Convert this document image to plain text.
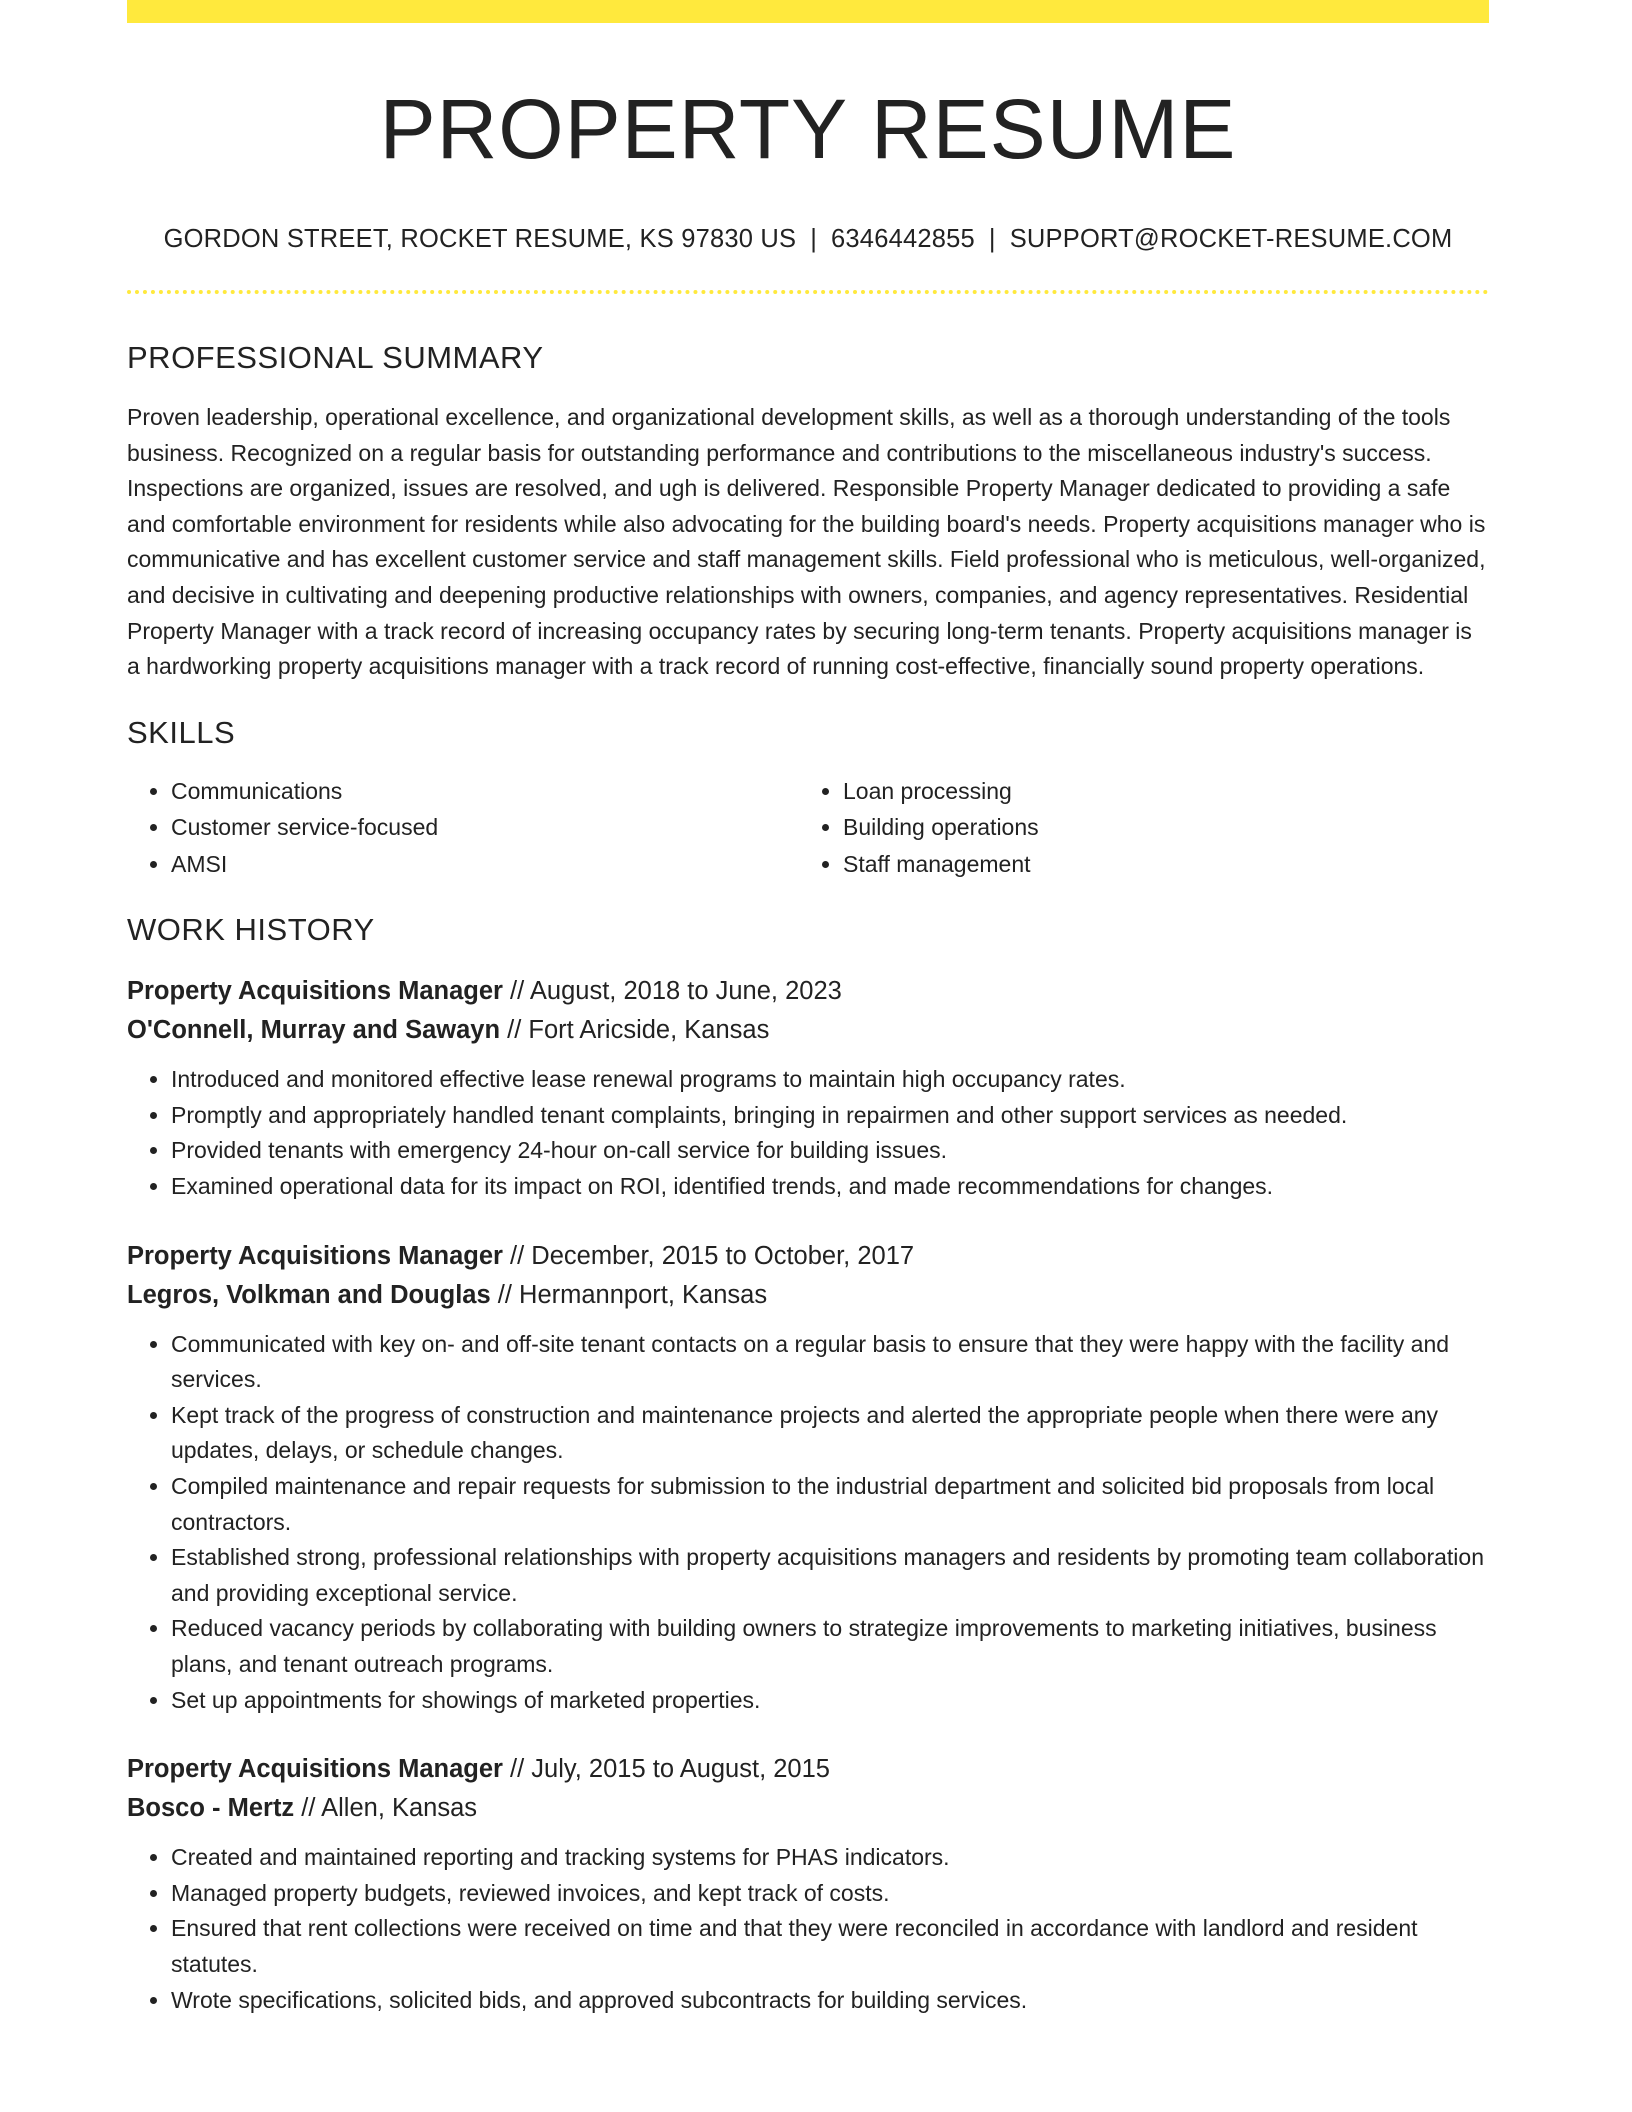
PROPERTY RESUME
GORDON STREET, ROCKET RESUME, KS 97830 US | 6346442855 | SUPPORT@ROCKET-RESUME.COM
PROFESSIONAL SUMMARY

Proven leadership, operational excellence, and organizational development skills, as well as a thorough understanding of the tools business. Recognized on a regular basis for outstanding performance and contributions to the miscellaneous industry's success. Inspections are organized, issues are resolved, and ugh is delivered. Responsible Property Manager dedicated to providing a safe and comfortable environment for residents while also advocating for the building board's needs. Property acquisitions manager who is communicative and has excellent customer service and staff management skills. Field professional who is meticulous, well-organized, and decisive in cultivating and deepening productive relationships with owners, companies, and agency representatives. Residential Property Manager with a track record of increasing occupancy rates by securing long-term tenants. Property acquisitions manager is a hardworking property acquisitions manager with a track record of running cost-effective, financially sound property operations.

SKILLS
• Communications
• Customer service-focused
• AMSI
• Loan processing
• Building operations
• Staff management
WORK HISTORY
Property Acquisitions Manager // August, 2018 to June, 2023
O'Connell, Murray and Sawayn // Fort Aricside, Kansas
• Introduced and monitored effective lease renewal programs to maintain high occupancy rates.
• Promptly and appropriately handled tenant complaints, bringing in repairmen and other support services as needed.
• Provided tenants with emergency 24-hour on-call service for building issues.
• Examined operational data for its impact on ROI, identified trends, and made recommendations for changes.
Property Acquisitions Manager // December, 2015 to October, 2017
Legros, Volkman and Douglas // Hermannport, Kansas
• Communicated with key on- and off-site tenant contacts on a regular basis to ensure that they were happy with the facility and services.
• Kept track of the progress of construction and maintenance projects and alerted the appropriate people when there were any updates, delays, or schedule changes.
• Compiled maintenance and repair requests for submission to the industrial department and solicited bid proposals from local contractors.
• Established strong, professional relationships with property acquisitions managers and residents by promoting team collaboration and providing exceptional service.
• Reduced vacancy periods by collaborating with building owners to strategize improvements to marketing initiatives, business plans, and tenant outreach programs.
• Set up appointments for showings of marketed properties.
Property Acquisitions Manager // July, 2015 to August, 2015
Bosco - Mertz // Allen, Kansas
• Created and maintained reporting and tracking systems for PHAS indicators.
• Managed property budgets, reviewed invoices, and kept track of costs.
• Ensured that rent collections were received on time and that they were reconciled in accordance with landlord and resident statutes.
• Wrote specifications, solicited bids, and approved subcontracts for building services.
